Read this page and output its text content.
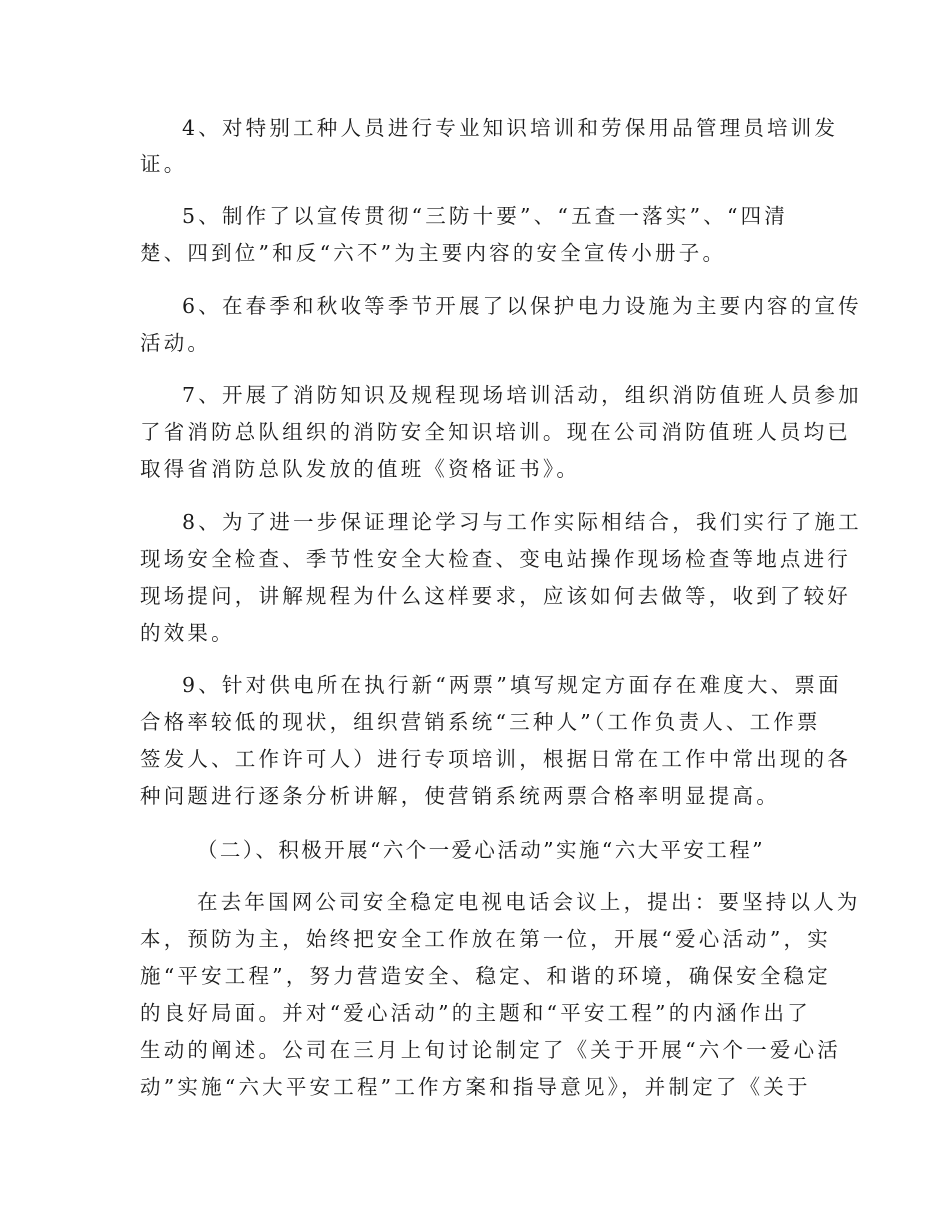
4、对特别工种人员进行专业知识培训和劳保用品管理员培训发
证。
5、制作了以宣传贯彻“三防十要”、“五查一落实”、“四清
楚、四到位”和反“六不”为主要内容的安全宣传小册子。
6、在春季和秋收等季节开展了以保护电力设施为主要内容的宣传
活动。
7、开展了消防知识及规程现场培训活动，组织消防值班人员参加
了省消防总队组织的消防安全知识培训。现在公司消防值班人员均已
取得省消防总队发放的值班《资格证书》。
8、为了进一步保证理论学习与工作实际相结合，我们实行了施工
现场安全检查、季节性安全大检查、变电站操作现场检查等地点进行
现场提问，讲解规程为什么这样要求，应该如何去做等，收到了较好
的效果。
9、针对供电所在执行新“两票”填写规定方面存在难度大、票面
合格率较低的现状，组织营销系统“三种人”（工作负责人、工作票
签发人、工作许可人）进行专项培训，根据日常在工作中常出现的各
种问题进行逐条分析讲解，使营销系统两票合格率明显提高。
（二）、积极开展“六个一爱心活动”实施“六大平安工程”
在去年国网公司安全稳定电视电话会议上，提出：要坚持以人为
本，预防为主，始终把安全工作放在第一位，开展“爱心活动”，实
施“平安工程”，努力营造安全、稳定、和谐的环境，确保安全稳定
的良好局面。并对“爱心活动”的主题和“平安工程”的内涵作出了
生动的阐述。公司在三月上旬讨论制定了《关于开展“六个一爱心活
动”实施“六大平安工程”工作方案和指导意见》，并制定了《关于
